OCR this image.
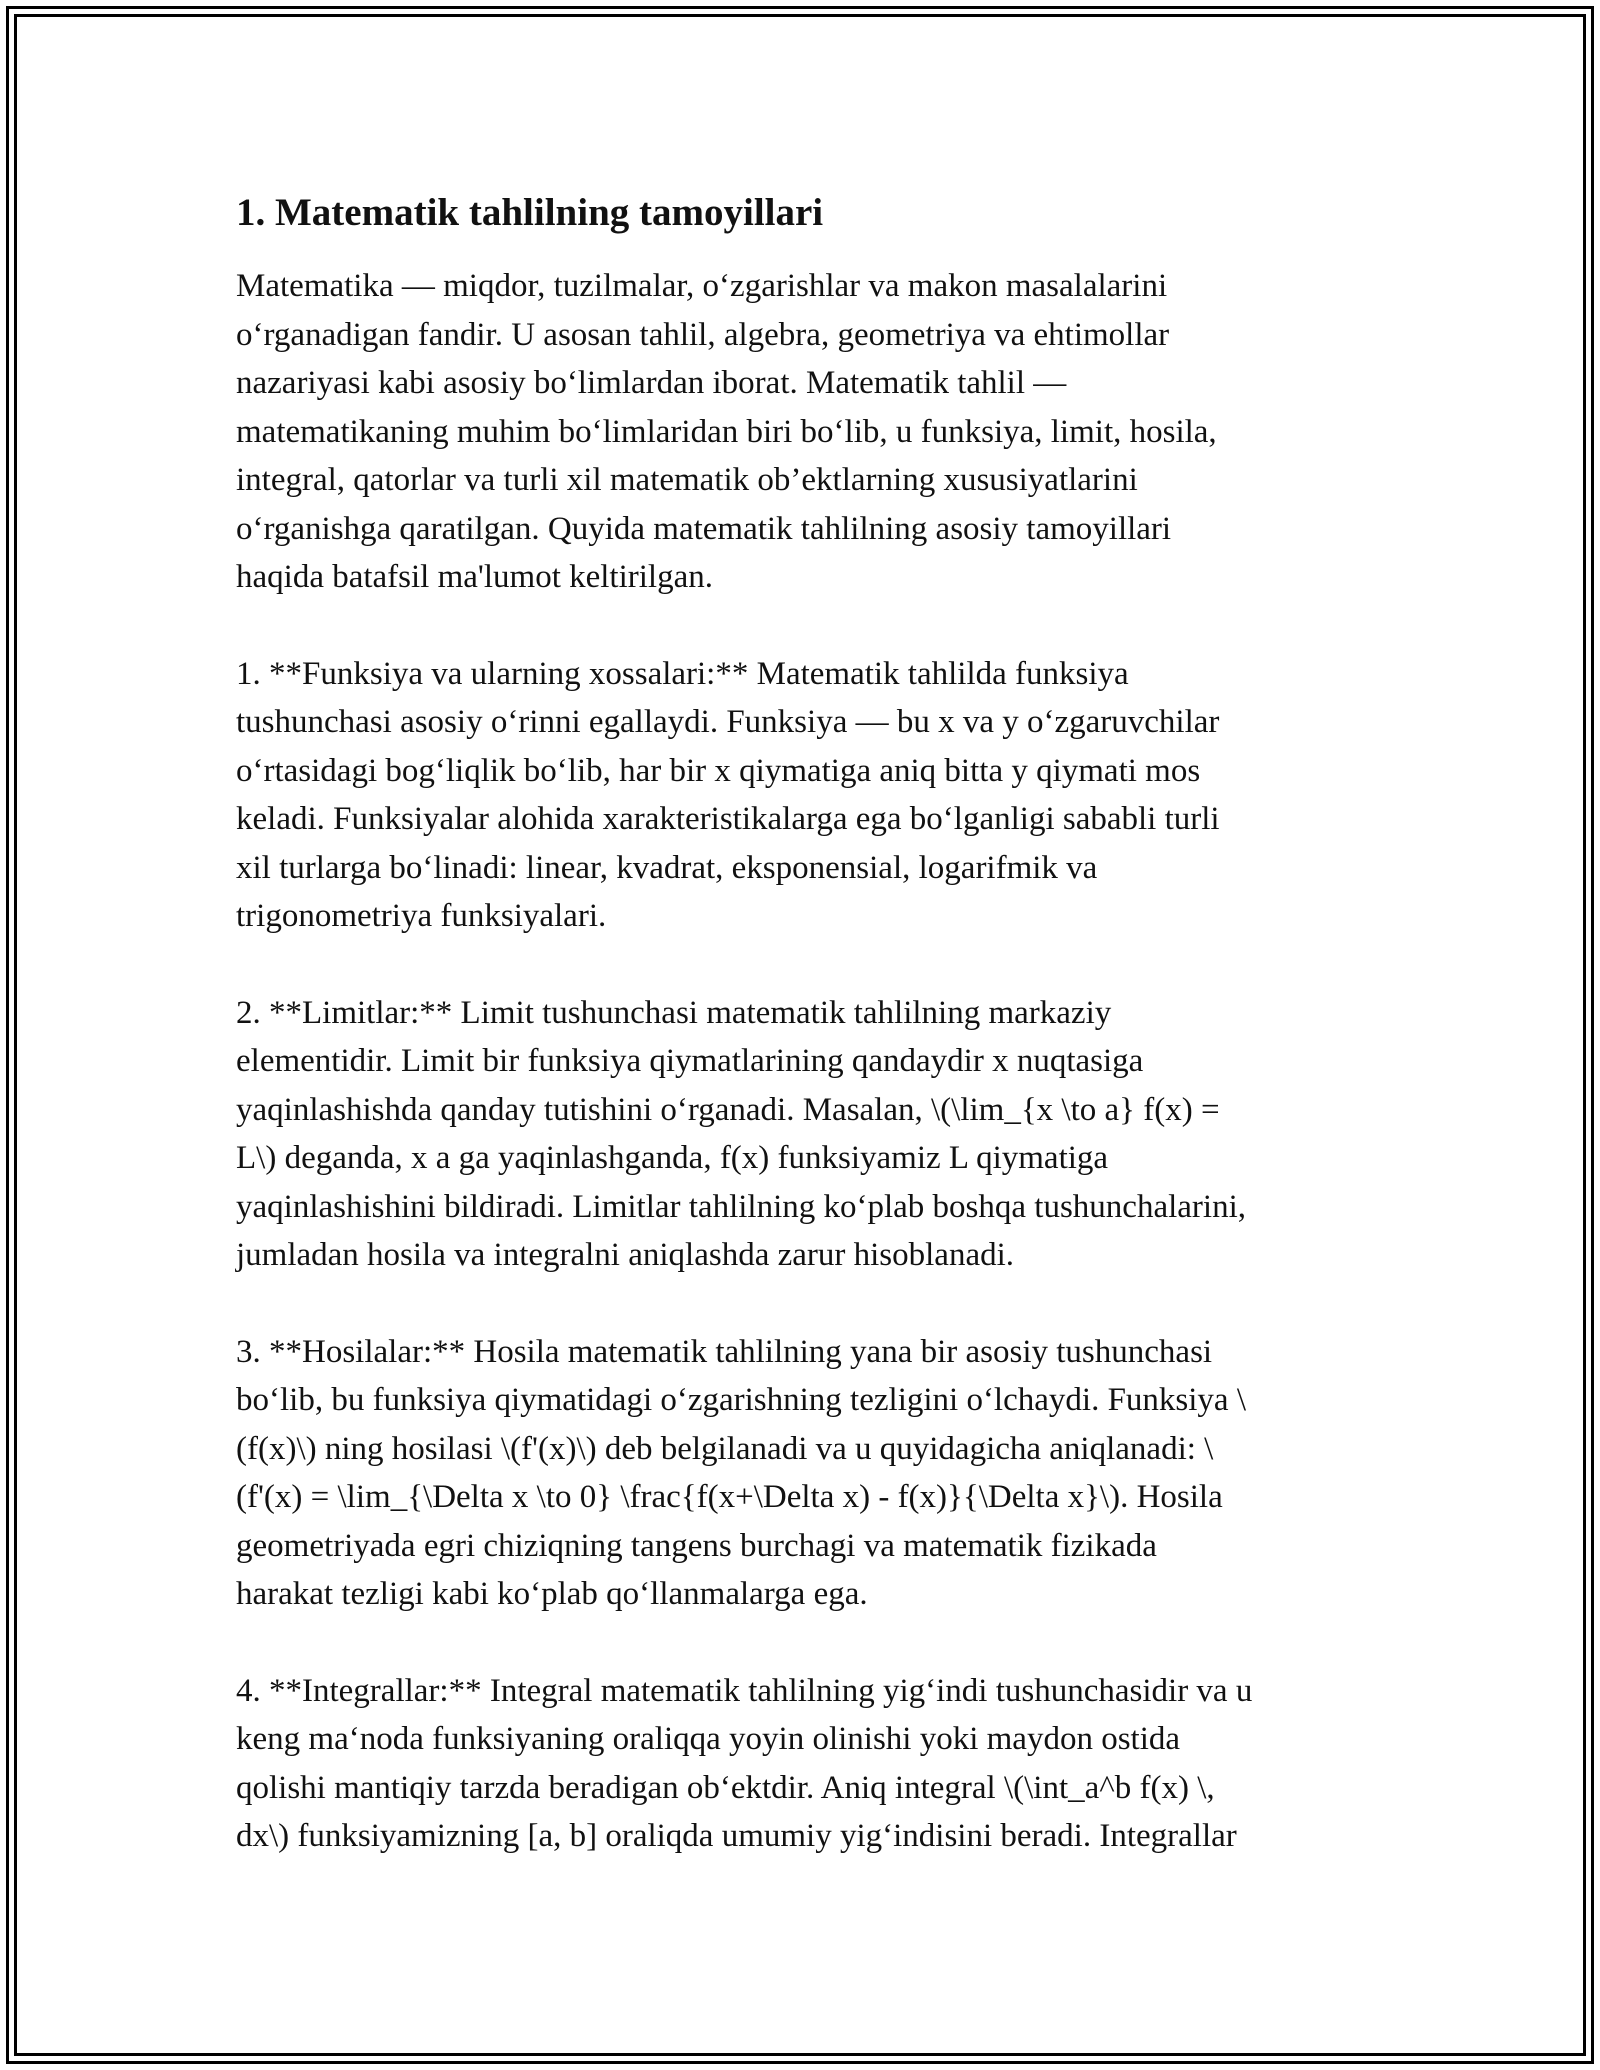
1. Matematik tahlilning tamoyillari

Matematika — miqdor, tuzilmalar, o‘zgarishlar va makon masalalarini
o‘rganadigan fandir. U asosan tahlil, algebra, geometriya va ehtimollar
nazariyasi kabi asosiy bo‘limlardan iborat. Matematik tahlil —
matematikaning muhim bo‘limlaridan biri bo‘lib, u funksiya, limit, hosila,
integral, qatorlar va turli xil matematik ob’ektlarning xususiyatlarini
o‘rganishga qaratilgan. Quyida matematik tahlilning asosiy tamoyillari
haqida batafsil ma'lumot keltirilgan.

1. **Funksiya va ularning xossalari:** Matematik tahlilda funksiya
tushunchasi asosiy o‘rinni egallaydi. Funksiya — bu x va y o‘zgaruvchilar
o‘rtasidagi bog‘liqlik bo‘lib, har bir x qiymatiga aniq bitta y qiymati mos
keladi. Funksiyalar alohida xarakteristikalarga ega bo‘lganligi sababli turli
xil turlarga bo‘linadi: linear, kvadrat, eksponensial, logarifmik va
trigonometriya funksiyalari.

2. **Limitlar:** Limit tushunchasi matematik tahlilning markaziy
elementidir. Limit bir funksiya qiymatlarining qandaydir x nuqtasiga
yaqinlashishda qanday tutishini o‘rganadi. Masalan, \(\lim_{x \to a} f(x) =
L\) deganda, x a ga yaqinlashganda, f(x) funksiyamiz L qiymatiga
yaqinlashishini bildiradi. Limitlar tahlilning ko‘plab boshqa tushunchalarini,
jumladan hosila va integralni aniqlashda zarur hisoblanadi.

3. **Hosilalar:** Hosila matematik tahlilning yana bir asosiy tushunchasi
bo‘lib, bu funksiya qiymatidagi o‘zgarishning tezligini o‘lchaydi. Funksiya \
(f(x)\) ning hosilasi \(f'(x)\) deb belgilanadi va u quyidagicha aniqlanadi: \
(f'(x) = \lim_{\Delta x \to 0} \frac{f(x+\Delta x) - f(x)}{\Delta x}\). Hosila
geometriyada egri chiziqning tangens burchagi va matematik fizikada
harakat tezligi kabi ko‘plab qo‘llanmalarga ega.

4. **Integrallar:** Integral matematik tahlilning yig‘indi tushunchasidir va u
keng ma‘noda funksiyaning oraliqqa yoyin olinishi yoki maydon ostida
qolishi mantiqiy tarzda beradigan ob‘ektdir. Aniq integral \(\int_a^b f(x) \,
dx\) funksiyamizning [a, b] oraliqda umumiy yig‘indisini beradi. Integrallar
